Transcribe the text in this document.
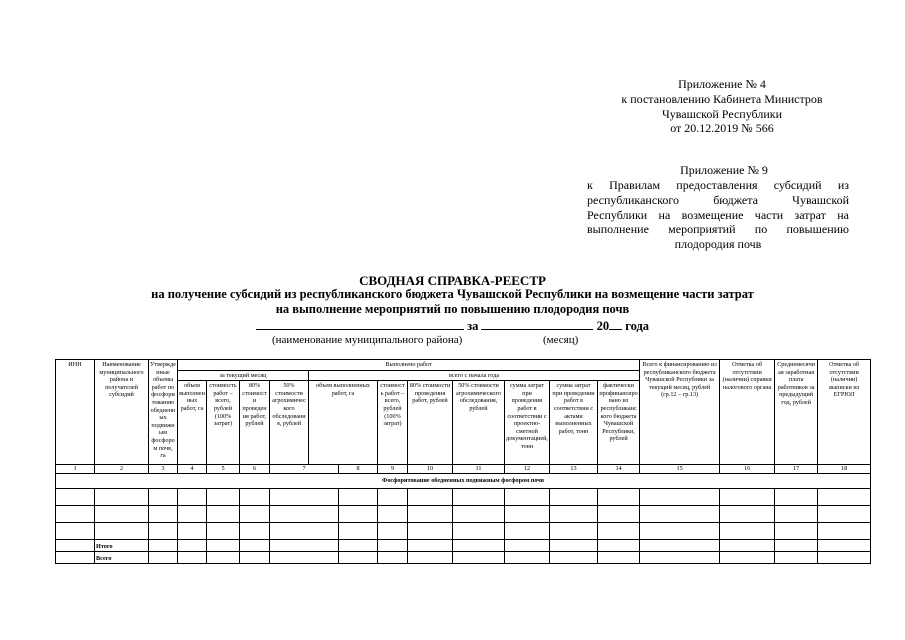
Приложение № 4
к постановлению Кабинета Министров
Чувашской Республики
от 20.12.2019 № 566
Приложение № 9
к Правилам предоставления субсидий из республиканского бюджета Чувашской Республики на возмещение части затрат на выполнение мероприятий по повышению плодородия почв
СВОДНАЯ СПРАВКА-РЕЕСТР
на получение субсидий из республиканского бюджета Чувашской Республики на возмещение части затрат
на выполнение мероприятий по повышению плодородия почв
за	20 года
(наименование муниципального района)	(месяц)
ИНН	Наименование муниципального района и получателей субсидий	Утвержденные объемы работ по фосфоритованию обедненных подвижным фосфором почв, га	Выполнено работ												Всего к финансированию из республиканского бюджета Чувашской Республики за текущий месяц, рублей (гр.12 – гр.13)	Отметка об отсутствии (наличии) справки налогового органа	Среднемесячная заработная плата работников за предыдущий год, рублей	Отметка об отсутствии (наличии) выписки из ЕГРЮЛ
			за текущий месяц				всего с начала года											
			объем выполненных работ, га	стоимость работ – всего, рублей (100% затрат)	80% стоимости проведения работ, рублей	50% стоимости агрохимического обследования, рублей	объем выполненных работ, га		стоимость работ – всего, рублей (100% затрат)	80% стоимости проведения работ, рублей	50% стоимости агрохимического обследования, рублей	сумма затрат при проведении работ в соответствии с проектно-сметной документацией, тонн	сумма затрат при проведении работ в соответствии с актами выполненных работ, тонн	фактически профинансировано из республиканского бюджета Чувашской Республики, рублей				
1	2	3	4	5	6	7		8	9	10	11	12	13	14	15	16	17	18
Фосфоритование обедненных подвижным фосфором почв																		

	Итого																	
	Всего																	
